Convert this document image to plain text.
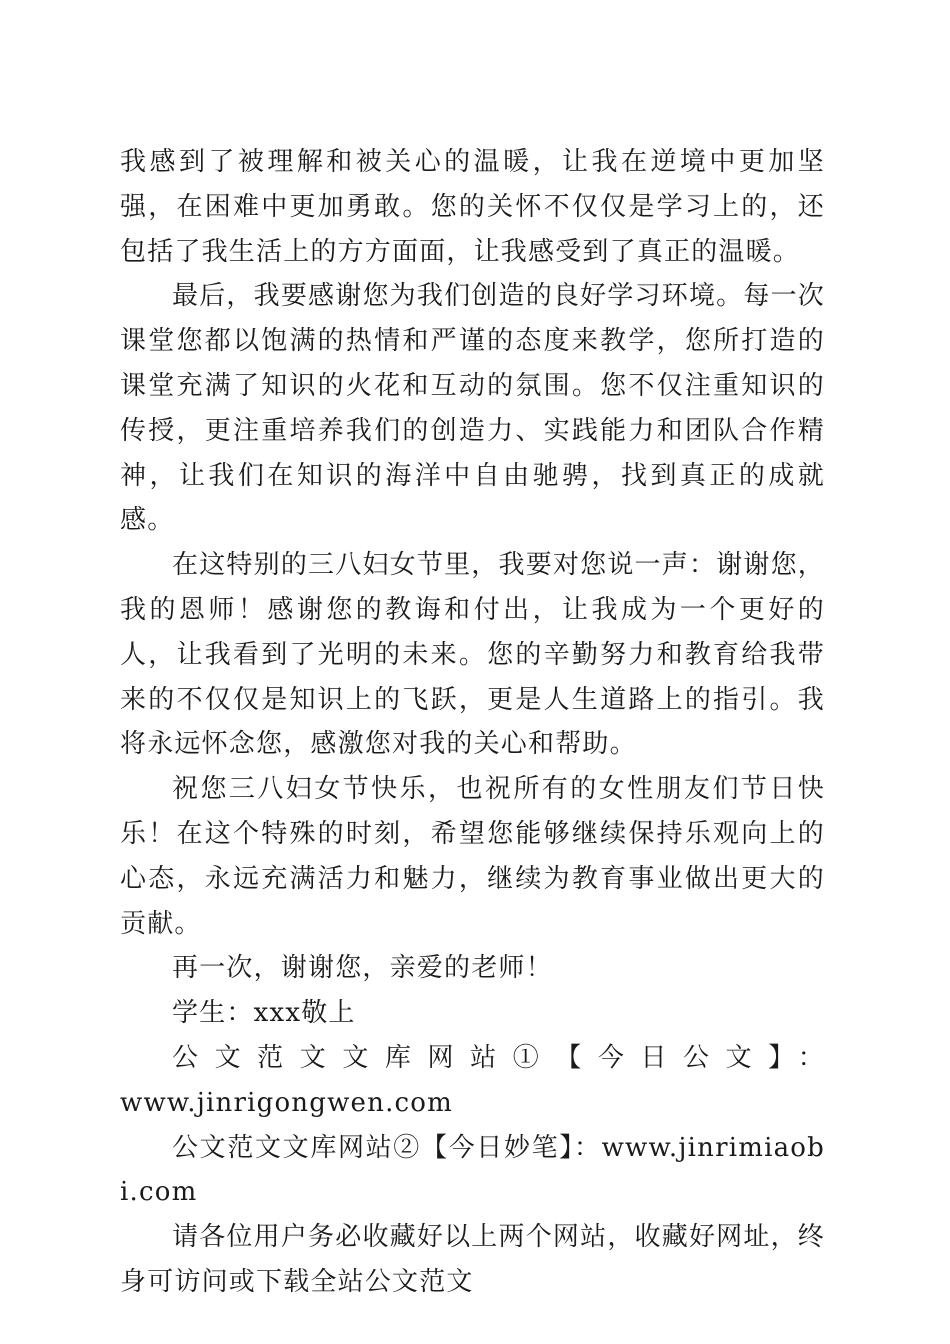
我感到了被理解和被关心的温暖，让我在逆境中更加坚强，在困难中更加勇敢。您的关怀不仅仅是学习上的，还包括了我生活上的方方面面，让我感受到了真正的温暖。

最后，我要感谢您为我们创造的良好学习环境。每一次课堂您都以饱满的热情和严谨的态度来教学，您所打造的课堂充满了知识的火花和互动的氛围。您不仅注重知识的传授，更注重培养我们的创造力、实践能力和团队合作精神，让我们在知识的海洋中自由驰骋，找到真正的成就感。

在这特别的三八妇女节里，我要对您说一声：谢谢您，我的恩师！感谢您的教诲和付出，让我成为一个更好的人，让我看到了光明的未来。您的辛勤努力和教育给我带来的不仅仅是知识上的飞跃，更是人生道路上的指引。我将永远怀念您，感激您对我的关心和帮助。

祝您三八妇女节快乐，也祝所有的女性朋友们节日快乐！在这个特殊的时刻，希望您能够继续保持乐观向上的心态，永远充满活力和魅力，继续为教育事业做出更大的贡献。

再一次，谢谢您，亲爱的老师！

学生：xxx敬上

公文范文文库网站①【今日公文】：

www.jinrigongwen.com

公文范文文库网站②【今日妙笔】：www.jinrimiaobi.com

请各位用户务必收藏好以上两个网站，收藏好网址，终身可访问或下载全站公文范文
